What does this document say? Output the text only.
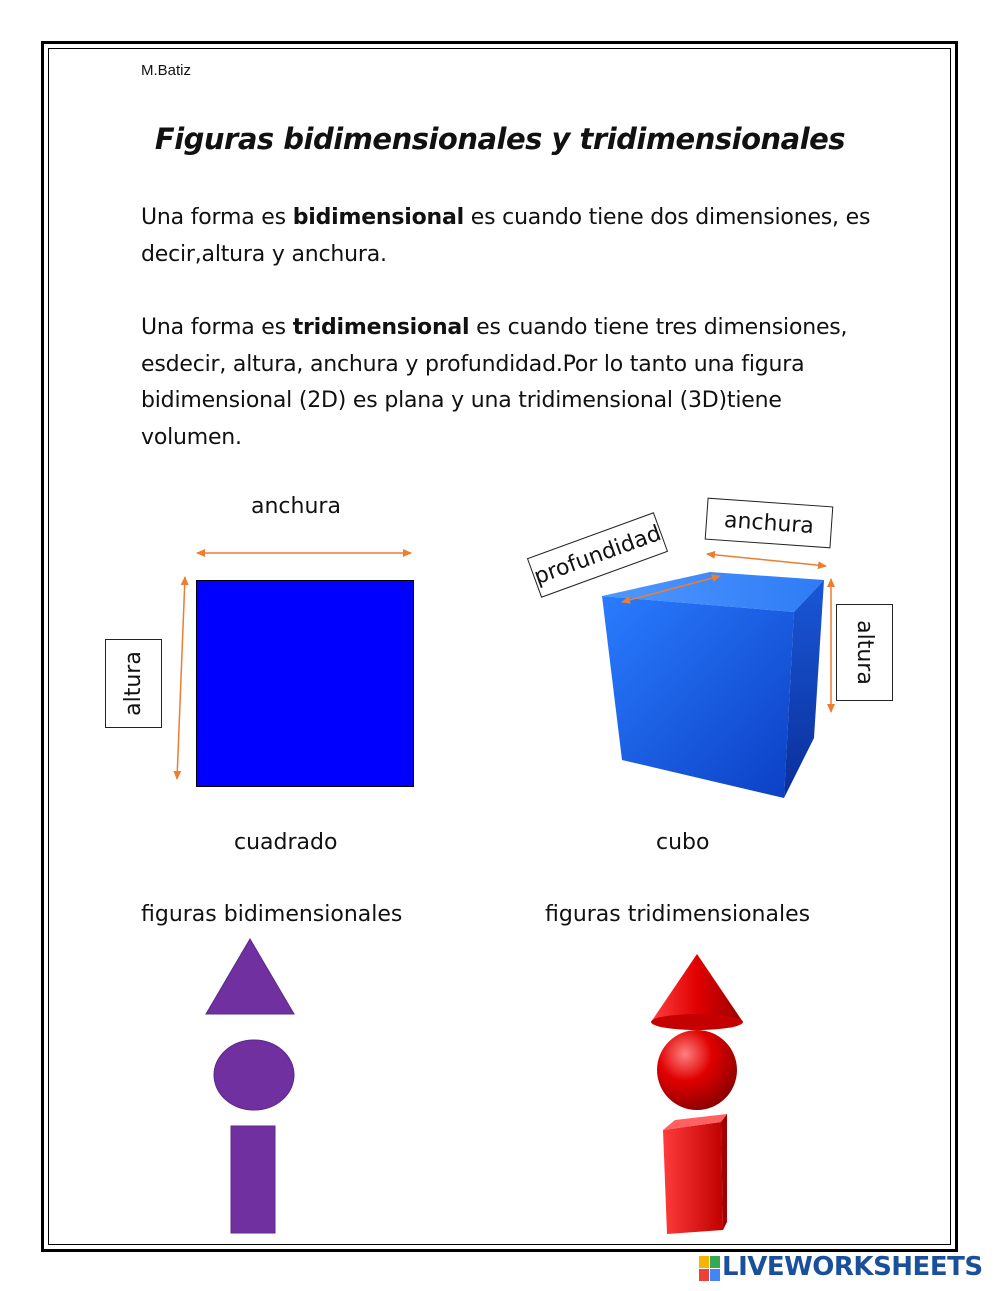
M.Batiz
Figuras bidimensionales y tridimensionales
Una forma es bidimensional es cuando tiene dos dimensiones, es decir,altura y anchura.
Una forma es tridimensional es cuando tiene tres dimensiones, esdecir, altura, anchura y profundidad.Por lo tanto una figura bidimensional (2D) es plana y una tridimensional (3D)tiene volumen.
anchura
altura
cuadrado
profundidad	anchura
altura
cubo
figuras bidimensionales	figuras tridimensionales
LIVEWORKSHEETS
